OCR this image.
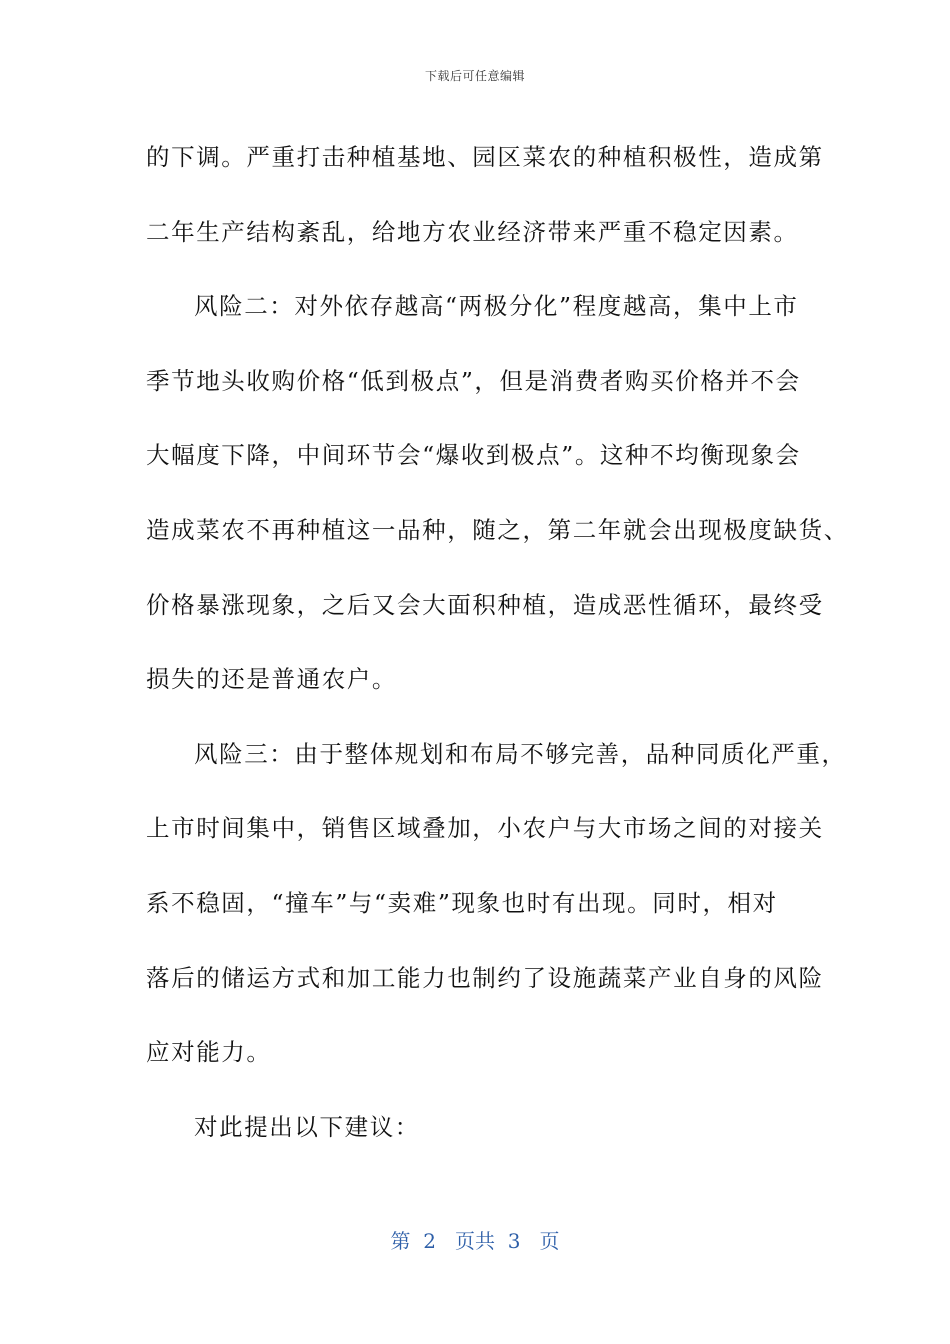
下载后可任意编辑
的下调。严重打击种植基地、园区菜农的种植积极性，造成第
二年生产结构紊乱，给地方农业经济带来严重不稳定因素。
风险二：对外依存越高“两极分化”程度越高，集中上市
季节地头收购价格“低到极点”，但是消费者购买价格并不会
大幅度下降，中间环节会“爆收到极点”。这种不均衡现象会
造成菜农不再种植这一品种，随之，第二年就会出现极度缺货、
价格暴涨现象，之后又会大面积种植，造成恶性循环，最终受
损失的还是普通农户。
风险三：由于整体规划和布局不够完善，品种同质化严重，
上市时间集中，销售区域叠加，小农户与大市场之间的对接关
系不稳固，“撞车”与“卖难”现象也时有出现。同时，相对
落后的储运方式和加工能力也制约了设施蔬菜产业自身的风险
应对能力。
对此提出以下建议：
第  2   页共  3   页
